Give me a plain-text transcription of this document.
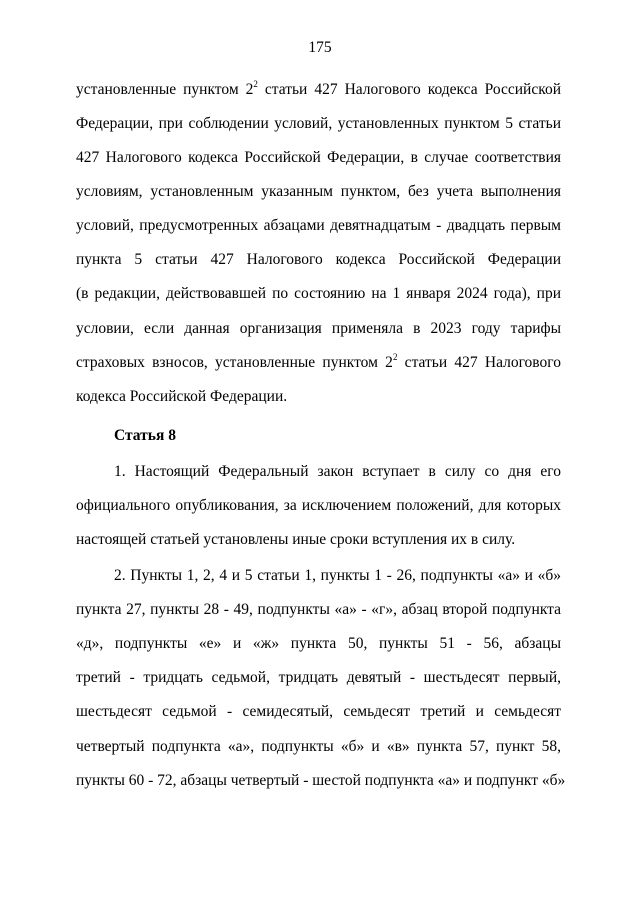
175
установленные пунктом $2^2$ статьи 427 Налогового кодекса Российской
Федерации, при соблюдении условий, установленных пунктом 5 статьи
427 Налогового кодекса Российской Федерации, в случае соответствия
условиям, установленным указанным пунктом, без учета выполнения
условий, предусмотренных абзацами девятнадцатым - двадцать первым
пункта 5 статьи 427 Налогового кодекса Российской Федерации
(в редакции, действовавшей по состоянию на 1 января 2024 года), при
условии, если данная организация применяла в 2023 году тарифы
страховых взносов, установленные пунктом $2^2$ статьи 427 Налогового
кодекса Российской Федерации.
Статья 8
1. Настоящий Федеральный закон вступает в силу со дня его
официального опубликования, за исключением положений, для которых
настоящей статьей установлены иные сроки вступления их в силу.
2. Пункты 1, 2, 4 и 5 статьи 1, пункты 1 - 26, подпункты «а» и «б»
пункта 27, пункты 28 - 49, подпункты «а» - «г», абзац второй подпункта
«д», подпункты «е» и «ж» пункта 50, пункты 51 - 56, абзацы
третий - тридцать седьмой, тридцать девятый - шестьдесят первый,
шестьдесят седьмой - семидесятый, семьдесят третий и семьдесят
четвертый подпункта «а», подпункты «б» и «в» пункта 57, пункт 58,
пункты 60 - 72, абзацы четвертый - шестой подпункта «а» и подпункт «б»
